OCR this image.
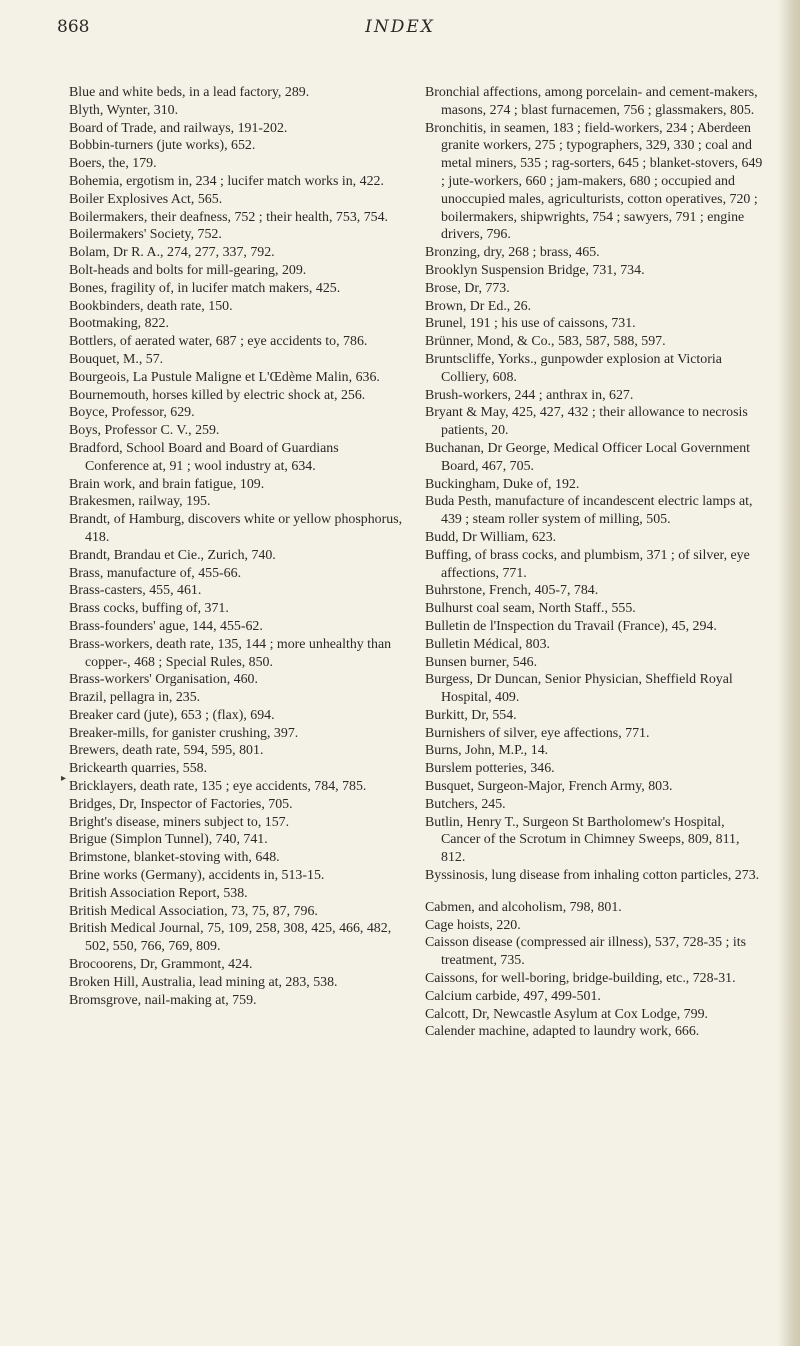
868	INDEX
▸

Blue and white beds, in a lead factory, 289.

Blyth, Wynter, 310.

Board of Trade, and railways, 191-202.

Bobbin-turners (jute works), 652.

Boers, the, 179.

Bohemia, ergotism in, 234 ; lucifer match works in, 422.

Boiler Explosives Act, 565.

Boilermakers, their deafness, 752 ; their health, 753, 754.

Boilermakers' Society, 752.

Bolam, Dr R. A., 274, 277, 337, 792.

Bolt-heads and bolts for mill-gearing, 209.

Bones, fragility of, in lucifer match makers, 425.

Bookbinders, death rate, 150.

Bootmaking, 822.

Bottlers, of aerated water, 687 ; eye accidents to, 786.

Bouquet, M., 57.

Bourgeois, La Pustule Maligne et L'Œdème Malin, 636.

Bournemouth, horses killed by electric shock at, 256.

Boyce, Professor, 629.

Boys, Professor C. V., 259.

Bradford, School Board and Board of Guardians Conference at, 91 ; wool industry at, 634.

Brain work, and brain fatigue, 109.

Brakesmen, railway, 195.

Brandt, of Hamburg, discovers white or yellow phosphorus, 418.

Brandt, Brandau et Cie., Zurich, 740.

Brass, manufacture of, 455-66.

Brass-casters, 455, 461.

Brass cocks, buffing of, 371.

Brass-founders' ague, 144, 455-62.

Brass-workers, death rate, 135, 144 ; more unhealthy than copper-, 468 ; Special Rules, 850.

Brass-workers' Organisation, 460.

Brazil, pellagra in, 235.

Breaker card (jute), 653 ; (flax), 694.

Breaker-mills, for ganister crushing, 397.

Brewers, death rate, 594, 595, 801.

Brickearth quarries, 558.

Bricklayers, death rate, 135 ; eye accidents, 784, 785.

Bridges, Dr, Inspector of Factories, 705.

Bright's disease, miners subject to, 157.

Brigue (Simplon Tunnel), 740, 741.

Brimstone, blanket-stoving with, 648.

Brine works (Germany), accidents in, 513-15.

British Association Report, 538.

British Medical Association, 73, 75, 87, 796.

British Medical Journal, 75, 109, 258, 308, 425, 466, 482, 502, 550, 766, 769, 809.

Brocoorens, Dr, Grammont, 424.

Broken Hill, Australia, lead mining at, 283, 538.

Bromsgrove, nail-making at, 759.

Bronchial affections, among porcelain- and cement-makers, masons, 274 ; blast furnacemen, 756 ; glassmakers, 805.

Bronchitis, in seamen, 183 ; field-workers, 234 ; Aberdeen granite workers, 275 ; typographers, 329, 330 ; coal and metal miners, 535 ; rag-sorters, 645 ; blanket-stovers, 649 ; jute-workers, 660 ; jam-makers, 680 ; occupied and unoccupied males, agriculturists, cotton operatives, 720 ; boilermakers, shipwrights, 754 ; sawyers, 791 ; engine drivers, 796.

Bronzing, dry, 268 ; brass, 465.

Brooklyn Suspension Bridge, 731, 734.

Brose, Dr, 773.

Brown, Dr Ed., 26.

Brunel, 191 ; his use of caissons, 731.

Brünner, Mond, & Co., 583, 587, 588, 597.

Bruntscliffe, Yorks., gunpowder explosion at Victoria Colliery, 608.

Brush-workers, 244 ; anthrax in, 627.

Bryant & May, 425, 427, 432 ; their allowance to necrosis patients, 20.

Buchanan, Dr George, Medical Officer Local Government Board, 467, 705.

Buckingham, Duke of, 192.

Buda Pesth, manufacture of incandescent electric lamps at, 439 ; steam roller system of milling, 505.

Budd, Dr William, 623.

Buffing, of brass cocks, and plumbism, 371 ; of silver, eye affections, 771.

Buhrstone, French, 405-7, 784.

Bulhurst coal seam, North Staff., 555.

Bulletin de l'Inspection du Travail (France), 45, 294.

Bulletin Médical, 803.

Bunsen burner, 546.

Burgess, Dr Duncan, Senior Physician, Sheffield Royal Hospital, 409.

Burkitt, Dr, 554.

Burnishers of silver, eye affections, 771.

Burns, John, M.P., 14.

Burslem potteries, 346.

Busquet, Surgeon-Major, French Army, 803.

Butchers, 245.

Butlin, Henry T., Surgeon St Bartholomew's Hospital, Cancer of the Scrotum in Chimney Sweeps, 809, 811, 812.

Byssinosis, lung disease from inhaling cotton particles, 273.

Cabmen, and alcoholism, 798, 801.

Cage hoists, 220.

Caisson disease (compressed air illness), 537, 728-35 ; its treatment, 735.

Caissons, for well-boring, bridge-building, etc., 728-31.

Calcium carbide, 497, 499-501.

Calcott, Dr, Newcastle Asylum at Cox Lodge, 799.

Calender machine, adapted to laundry work, 666.
